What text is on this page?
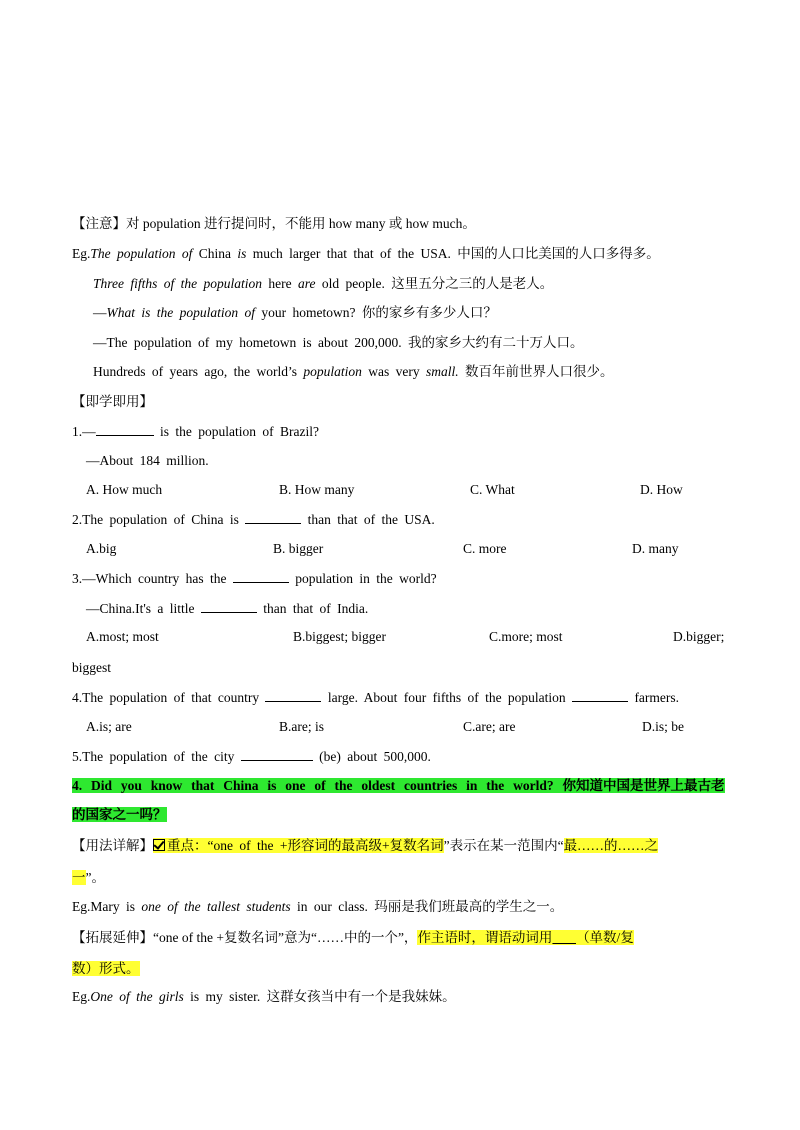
【注意】对 population 进行提问时，不能用 how many 或 how much。
Eg.The population of China is much larger that that of the USA. 中国的人口比美国的人口多得多。
Three fifths of the population here are old people. 这里五分之三的人是老人。
—What is the population of your hometown? 你的家乡有多少人口？
—The population of my hometown is about 200,000. 我的家乡大约有二十万人口。
Hundreds of years ago, the world’s population was very small. 数百年前世界人口很少。
【即学即用】
1.—	is the population of Brazil?
—About 184 million.
A. How much	B. How many	C. What	D. How
2.The population of China is	than that of the USA.
A.big	B. bigger	C. more	D. many
3.—Which country has the	population in the world?
—China.It's a little	than that of India.
A.most; most	B.biggest; bigger	C.more; most	D.bigger;
biggest
4.The population of that country	large. About four fifths of the population	farmers.
A.is; are	B.are; is	C.are; are	D.is; be
5.The population of the city	(be) about 500,000.
4. Did you know that China is one of the oldest countries in the world? 你知道中国是世界上最古老
的国家之一吗？
【用法详解】 重点：“one of the +形容词的最高级+复数名词”表示在某一范围内“最……的……之
一”。
Eg.Mary is one of the tallest students in our class. 玛丽是我们班最高的学生之一。
【拓展延伸】“one of the +复数名词”意为“……中的一个”，作主语时，谓语动词用 （单数/复
数）形式。
Eg.One of the girls is my sister. 这群女孩当中有一个是我妹妹。
